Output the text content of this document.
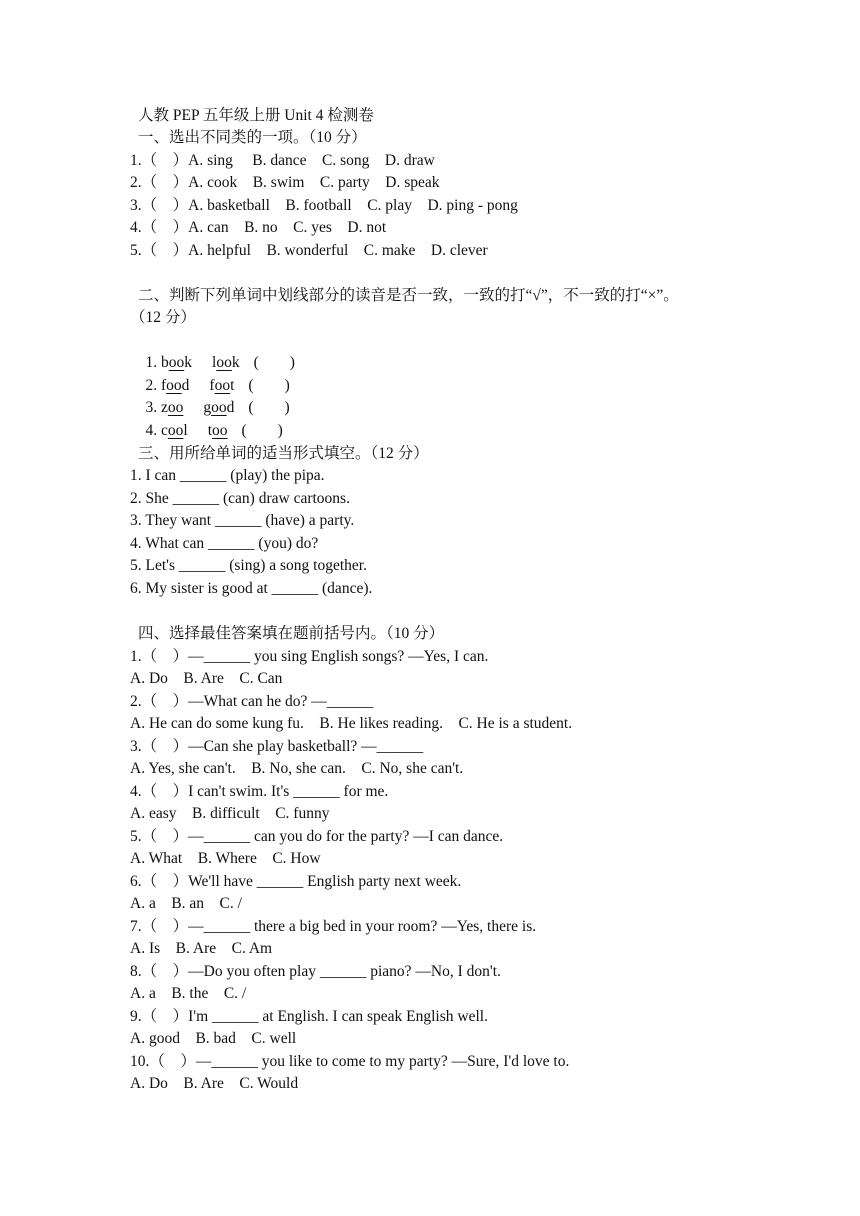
人教 PEP 五年级上册 Unit 4 检测卷
一、选出不同类的一项。（10 分）
1.（　）A. sing　 B. dance　C. song　D. draw
2.（　）A. cook　B. swim　C. party　D. speak
3.（　）A. basketball　B. football　C. play　D. ping - pong
4.（　）A. can　B. no　C. yes　D. not
5.（　）A. helpful　B. wonderful　C. make　D. clever
二、判断下列单词中划线部分的读音是否一致，一致的打“√”，不一致的打“×”。
（12 分）

1. book look (　　)

2. food foot (　　)

3. zoo good (　　)

4. cool too (　　)

三、用所给单词的适当形式填空。（12 分）
1. I can ______ (play) the pipa.
2. She ______ (can) draw cartoons.
3. They want ______ (have) a party.
4. What can ______ (you) do?
5. Let's ______ (sing) a song together.
6. My sister is good at ______ (dance).
四、选择最佳答案填在题前括号内。（10 分）
1.（　）—______ you sing English songs? —Yes, I can.
A. Do　B. Are　C. Can
2.（　）—What can he do? —______
A. He can do some kung fu.　B. He likes reading.　C. He is a student.
3.（　）—Can she play basketball? —______
A. Yes, she can't.　B. No, she can.　C. No, she can't.
4.（　）I can't swim. It's ______ for me.
A. easy　B. difficult　C. funny
5.（　）—______ can you do for the party? —I can dance.
A. What　B. Where　C. How
6.（　）We'll have ______ English party next week.
A. a　B. an　C. /
7.（　）—______ there a big bed in your room? —Yes, there is.
A. Is　B. Are　C. Am
8.（　）—Do you often play ______ piano? —No, I don't.
A. a　B. the　C. /
9.（　）I'm ______ at English. I can speak English well.
A. good　B. bad　C. well
10.（　）—______ you like to come to my party? —Sure, I'd love to.
A. Do　B. Are　C. Would
